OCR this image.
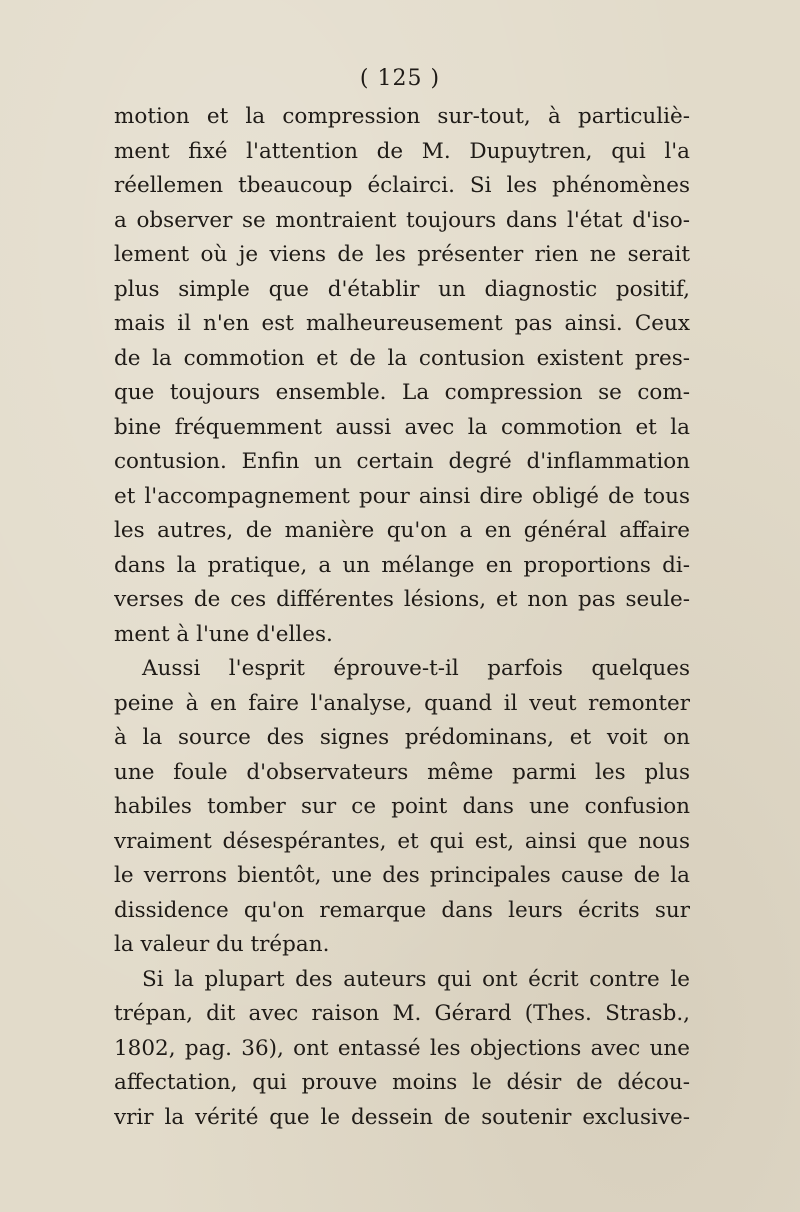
( 125 )
motion et la compression sur-tout, à particuliè-
ment fixé l'attention de M. Dupuytren, qui l'a
réellemen tbeaucoup éclairci. Si les phénomènes
a observer se montraient toujours dans l'état d'iso-
lement où je viens de les présenter rien ne serait
plus simple que d'établir un diagnostic positif,
mais il n'en est malheureusement pas ainsi. Ceux
de la commotion et de la contusion existent pres-
que toujours ensemble. La compression se com-
bine fréquemment aussi avec la commotion et la
contusion. Enfin un certain degré d'inflammation
et l'accompagnement pour ainsi dire obligé de tous
les autres, de manière qu'on a en général affaire
dans la pratique, a un mélange en proportions di-
verses de ces différentes lésions, et non pas seule-
ment à l'une d'elles.
Aussi l'esprit éprouve-t-il parfois quelques
peine à en faire l'analyse, quand il veut remonter
à la source des signes prédominans, et voit on
une foule d'observateurs même parmi les plus
habiles tomber sur ce point dans une confusion
vraiment désespérantes, et qui est, ainsi que nous
le verrons bientôt, une des principales cause de la
dissidence qu'on remarque dans leurs écrits sur
la valeur du trépan.
Si la plupart des auteurs qui ont écrit contre le
trépan, dit avec raison M. Gérard (Thes. Strasb.,
1802, pag. 36), ont entassé les objections avec une
affectation, qui prouve moins le désir de décou-
vrir la vérité que le dessein de soutenir exclusive-
